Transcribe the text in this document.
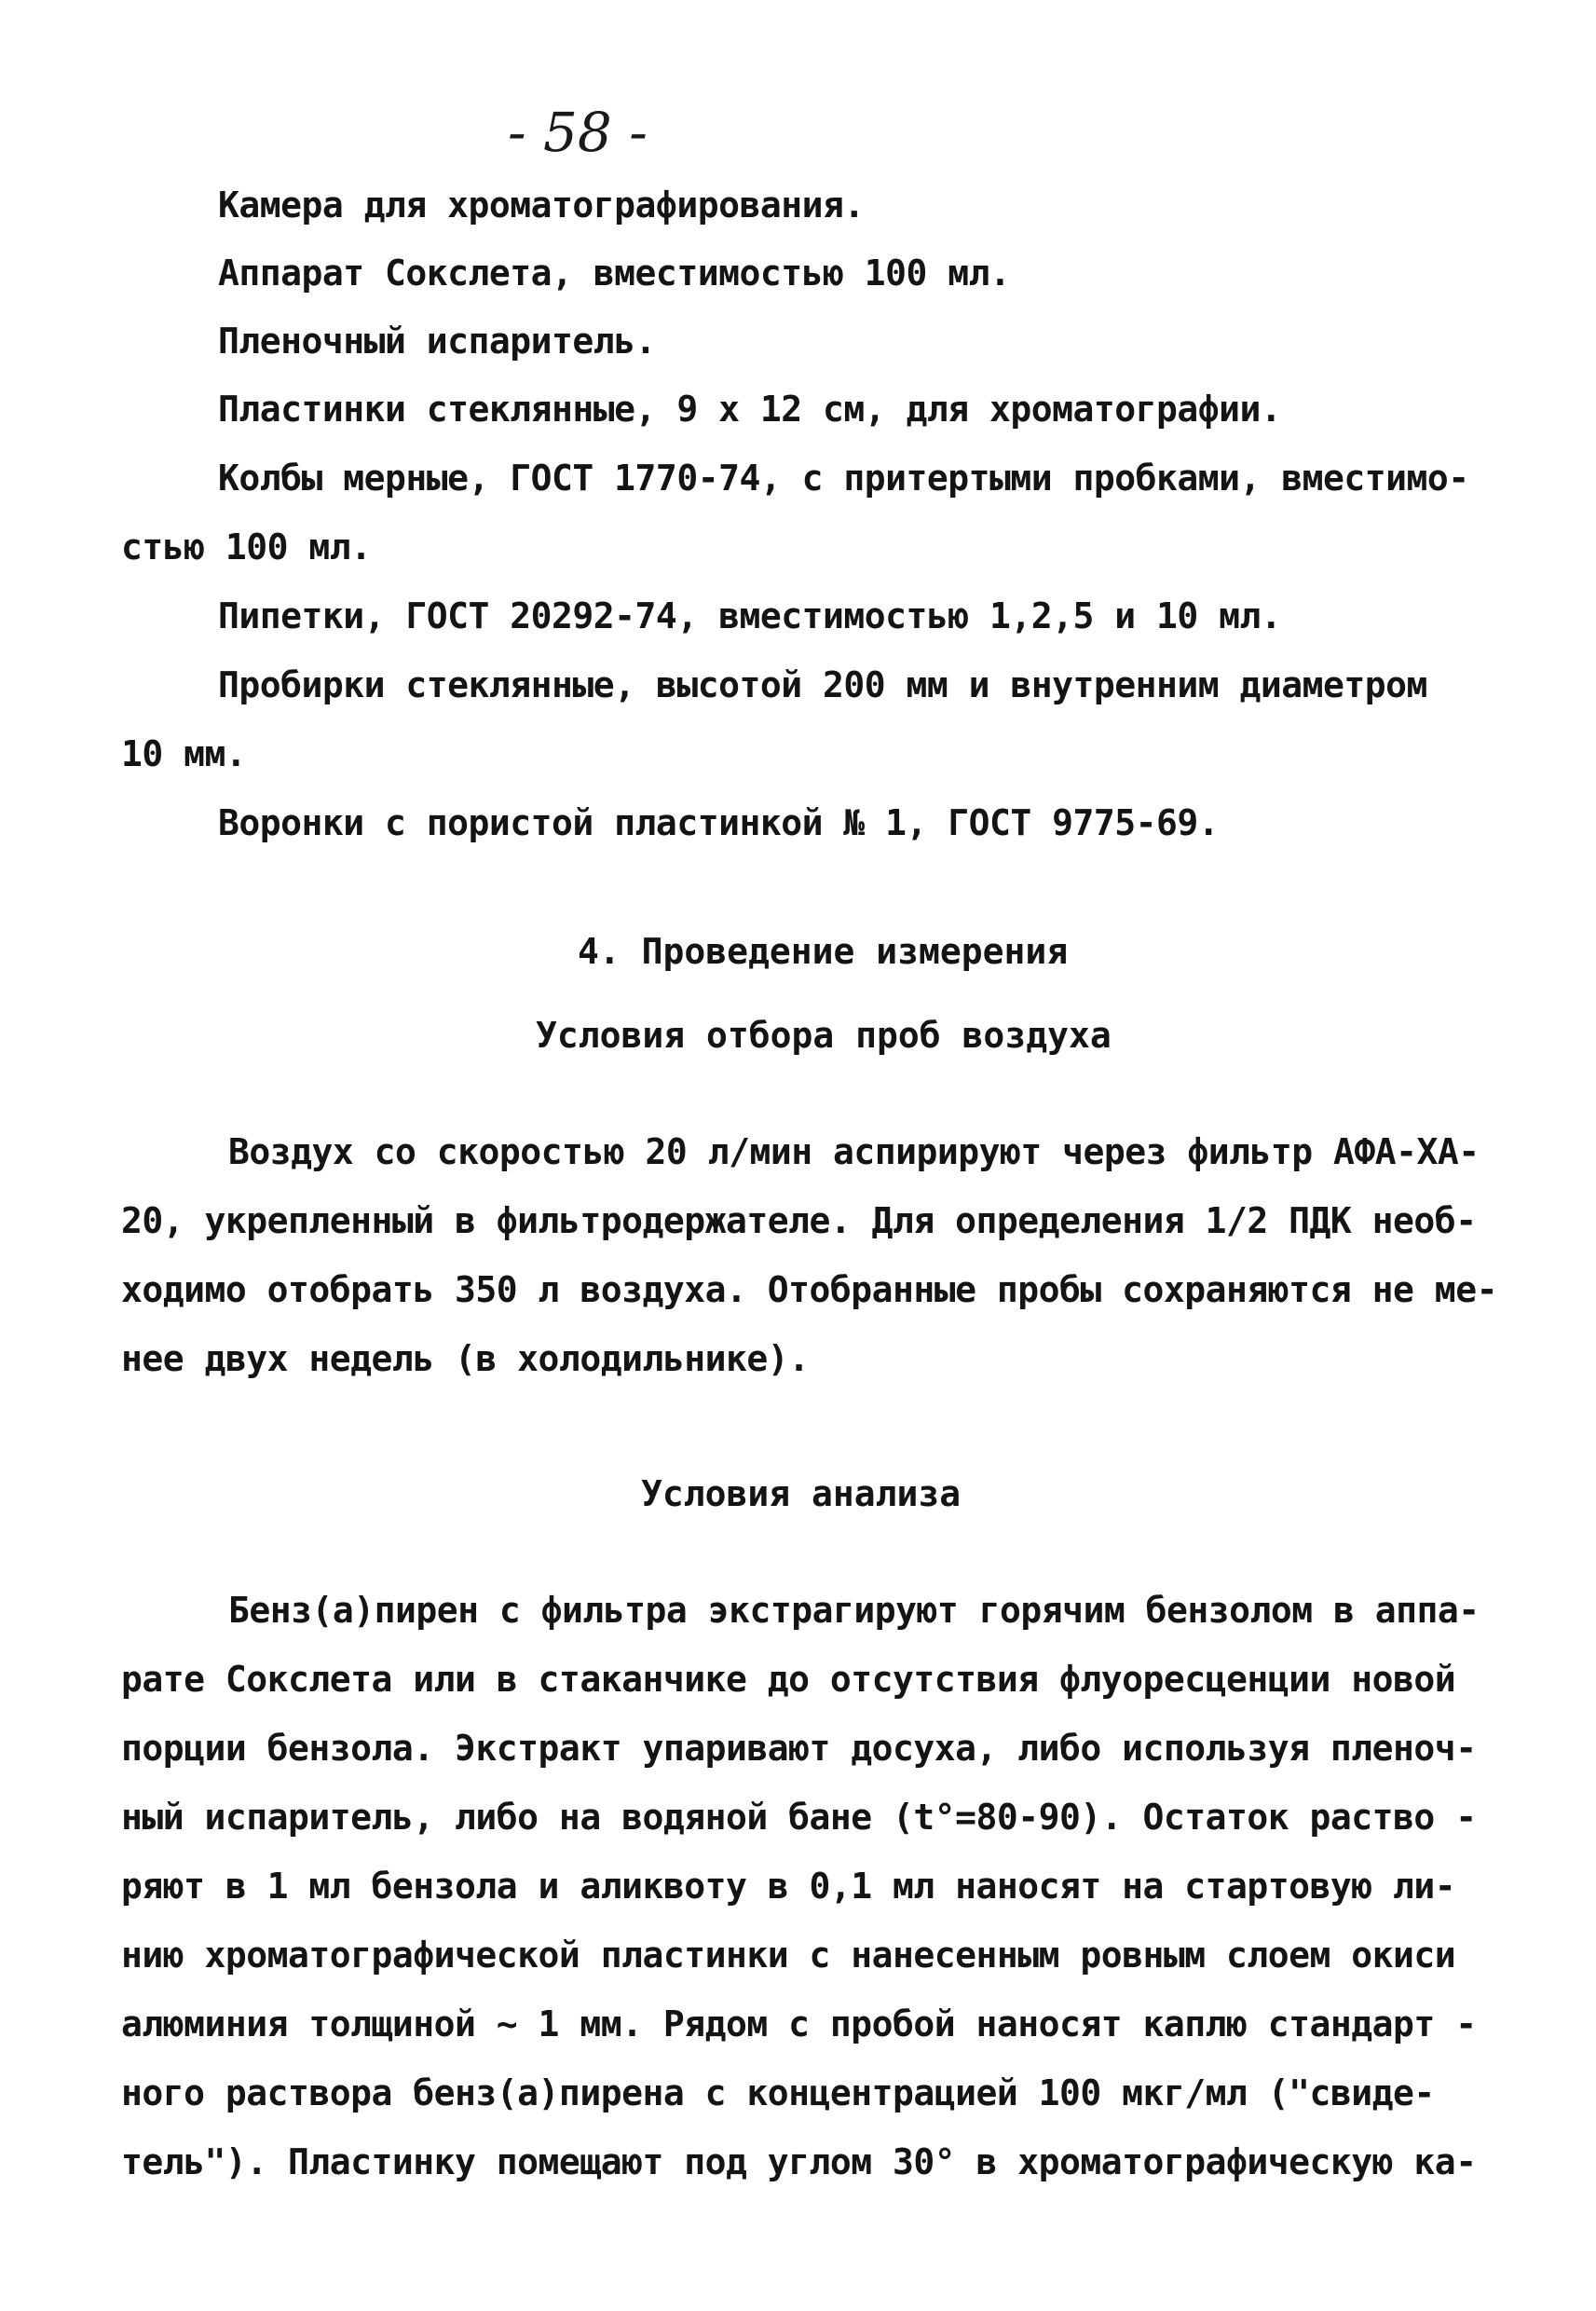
- 58 -
Камера для хроматографирования.
Аппарат Сокслета, вместимостью 100 мл.
Пленочный испаритель.
Пластинки стеклянные, 9 x 12 см, для хроматографии.
Колбы мерные, ГОСТ 1770-74, с притертыми пробками, вместимо-
стью 100 мл.
Пипетки, ГОСТ 20292-74, вместимостью 1,2,5 и 10 мл.
Пробирки стеклянные, высотой 200 мм и внутренним диаметром
10 мм.
Воронки с пористой пластинкой № 1, ГОСТ 9775-69.
4. Проведение измерения
Условия отбора проб воздуха
Воздух со скоростью 20 л/мин аспирируют через фильтр АФА-ХА-
20, укрепленный в фильтродержателе. Для определения 1/2 ПДК необ-
ходимо отобрать 350 л воздуха. Отобранные пробы сохраняются не ме-
нее двух недель (в холодильнике).
Условия анализа
Бенз(а)пирен с фильтра экстрагируют горячим бензолом в аппа-
рате Сокслета или в стаканчике до отсутствия флуоресценции новой
порции бензола. Экстракт упаривают досуха, либо используя пленоч-
ный испаритель, либо на водяной бане (t°=80-90). Остаток раство -
ряют в 1 мл бензола и аликвоту в 0,1 мл наносят на стартовую ли-
нию хроматографической пластинки с нанесенным ровным слоем окиси
алюминия толщиной ~ 1 мм. Рядом с пробой наносят каплю стандарт -
ного раствора бенз(а)пирена с концентрацией 100 мкг/мл ("свиде-
тель"). Пластинку помещают под углом 30° в хроматографическую ка-
